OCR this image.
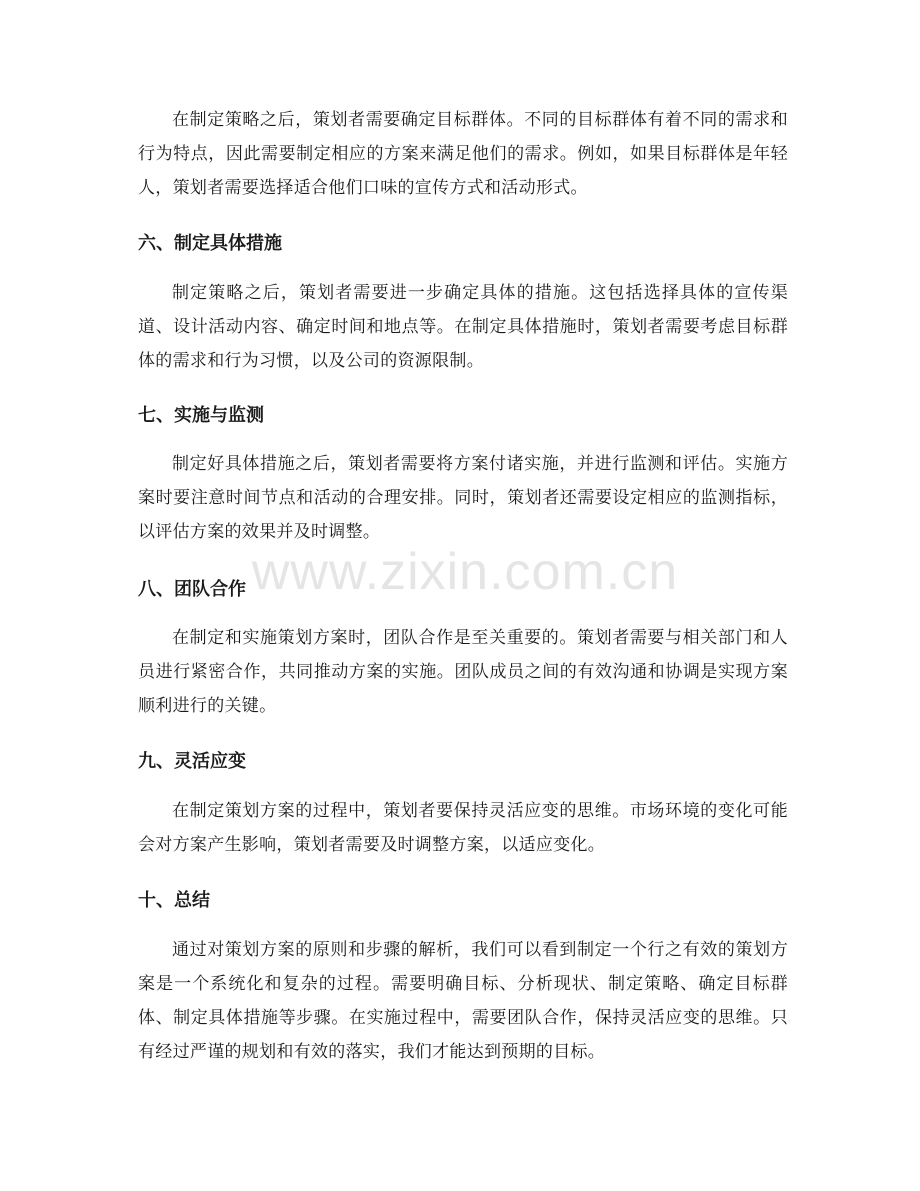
在制定策略之后，策划者需要确定目标群体。不同的目标群体有着不同的需求和行为特点，因此需要制定相应的方案来满足他们的需求。例如，如果目标群体是年轻人，策划者需要选择适合他们口味的宣传方式和活动形式。

六、制定具体措施

制定策略之后，策划者需要进一步确定具体的措施。这包括选择具体的宣传渠道、设计活动内容、确定时间和地点等。在制定具体措施时，策划者需要考虑目标群体的需求和行为习惯，以及公司的资源限制。

七、实施与监测

制定好具体措施之后，策划者需要将方案付诸实施，并进行监测和评估。实施方案时要注意时间节点和活动的合理安排。同时，策划者还需要设定相应的监测指标，以评估方案的效果并及时调整。

八、团队合作

在制定和实施策划方案时，团队合作是至关重要的。策划者需要与相关部门和人员进行紧密合作，共同推动方案的实施。团队成员之间的有效沟通和协调是实现方案顺利进行的关键。

九、灵活应变

在制定策划方案的过程中，策划者要保持灵活应变的思维。市场环境的变化可能会对方案产生影响，策划者需要及时调整方案，以适应变化。

十、总结

通过对策划方案的原则和步骤的解析，我们可以看到制定一个行之有效的策划方案是一个系统化和复杂的过程。需要明确目标、分析现状、制定策略、确定目标群体、制定具体措施等步骤。在实施过程中，需要团队合作，保持灵活应变的思维。只有经过严谨的规划和有效的落实，我们才能达到预期的目标。

www.zixin.com.cn
